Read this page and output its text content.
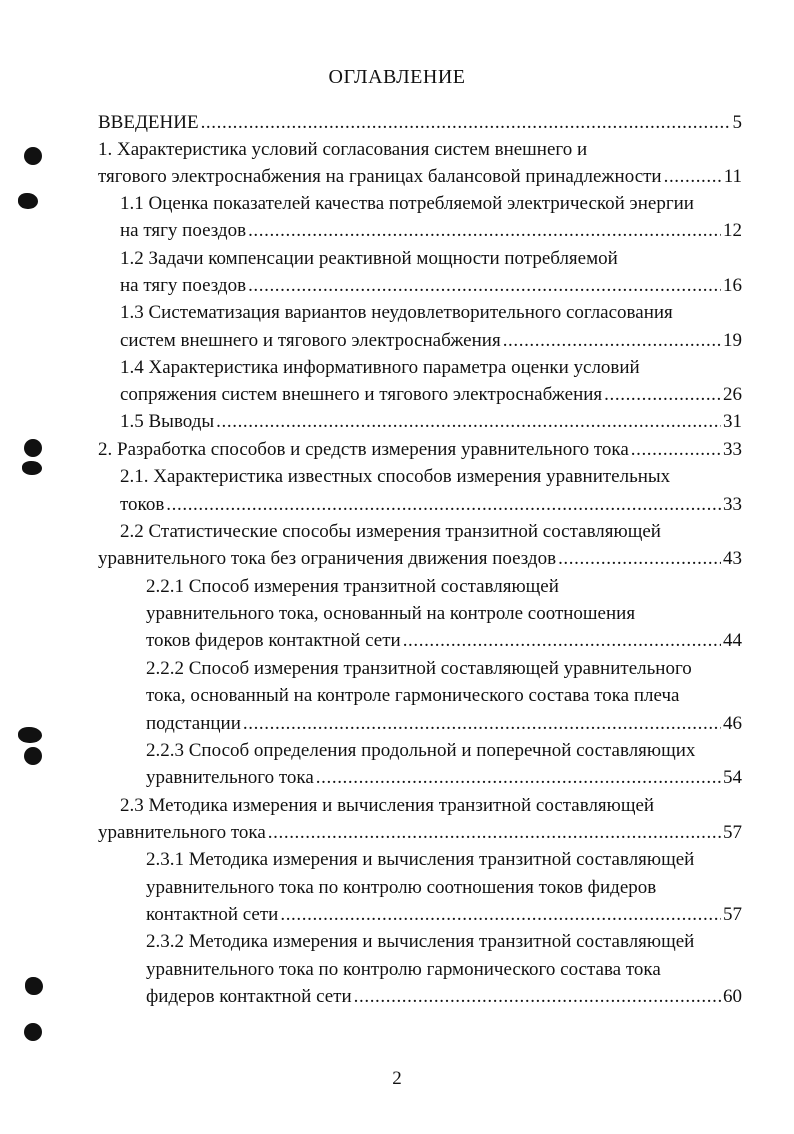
ОГЛАВЛЕНИЕ
ВВЕДЕНИЕ .....	5
1. Характеристика условий согласования систем внешнего и
тягового электроснабжения на границах балансовой принадлежности .....	11
1.1 Оценка показателей качества потребляемой электрической энергии
на тягу поездов .....	12
1.2 Задачи компенсации реактивной мощности потребляемой
на тягу поездов .....	16
1.3 Систематизация вариантов неудовлетворительного согласования
систем внешнего и тягового электроснабжения .....	19
1.4 Характеристика информативного параметра оценки условий
сопряжения систем внешнего и тягового электроснабжения .....	26
1.5 Выводы .....	31
2. Разработка способов и средств измерения уравнительного тока .....	33
2.1. Характеристика известных способов измерения уравнительных
токов .....	33
2.2 Статистические способы измерения транзитной составляющей
уравнительного тока без ограничения движения поездов .....	43
2.2.1 Способ измерения транзитной составляющей
уравнительного тока, основанный на контроле соотношения
токов фидеров контактной сети .....	44
2.2.2 Способ измерения транзитной составляющей уравнительного
тока, основанный на контроле гармонического состава тока плеча
подстанции .....	46
2.2.3 Способ определения продольной и поперечной составляющих
уравнительного тока .....	54
2.3 Методика измерения и вычисления транзитной составляющей
уравнительного тока .....	57
2.3.1 Методика измерения и вычисления транзитной составляющей
уравнительного тока по контролю соотношения токов фидеров
контактной сети .....	57
2.3.2 Методика измерения и вычисления транзитной составляющей
уравнительного тока по контролю гармонического состава тока
фидеров контактной сети .....	60
2
